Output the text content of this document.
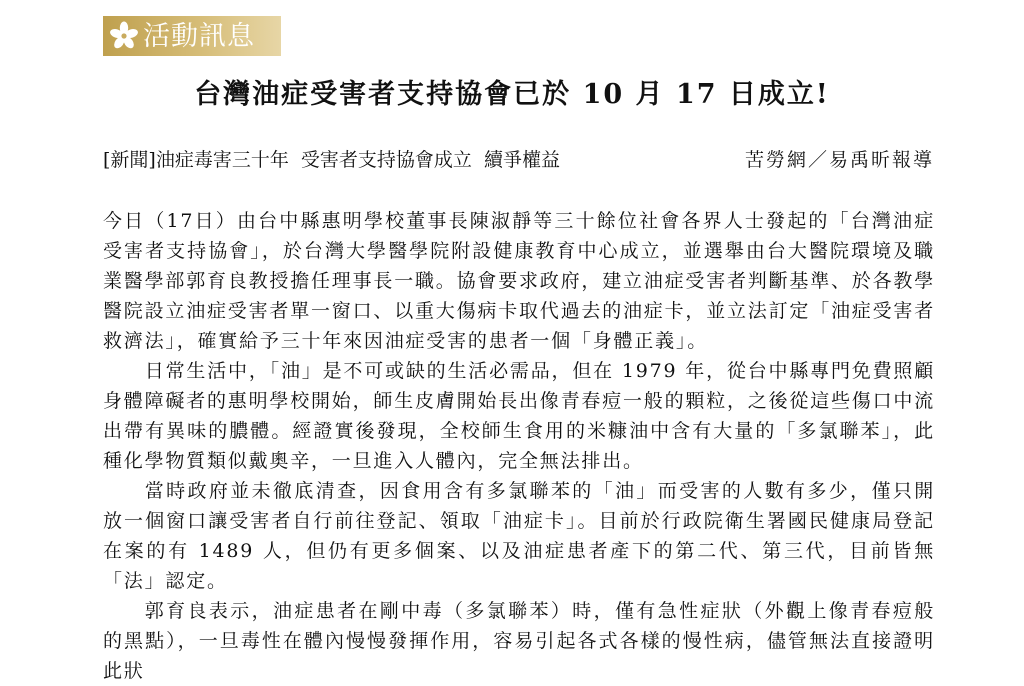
活動訊息
台灣油症受害者支持協會已於 10 月 17 日成立!
[新聞]油症毒害三十年  受害者支持協會成立  續爭權益	苦勞網／易禹昕報導

今日（17日）由台中縣惠明學校董事長陳淑靜等三十餘位社會各界人士發起的「台灣油症受害者支持協會」，於台灣大學醫學院附設健康教育中心成立，並選舉由台大醫院環境及職業醫學部郭育良教授擔任理事長一職。協會要求政府，建立油症受害者判斷基準、於各教學醫院設立油症受害者單一窗口、以重大傷病卡取代過去的油症卡，並立法訂定「油症受害者救濟法」，確實給予三十年來因油症受害的患者一個「身體正義」。

日常生活中，「油」是不可或缺的生活必需品，但在 1979 年，從台中縣專門免費照顧身體障礙者的惠明學校開始，師生皮膚開始長出像青春痘一般的顆粒，之後從這些傷口中流出帶有異味的膿體。經證實後發現，全校師生食用的米糠油中含有大量的「多氯聯苯」，此種化學物質類似戴奧辛，一旦進入人體內，完全無法排出。

當時政府並未徹底清查，因食用含有多氯聯苯的「油」而受害的人數有多少，僅只開放一個窗口讓受害者自行前往登記、領取「油症卡」。目前於行政院衛生署國民健康局登記在案的有 1489 人，但仍有更多個案、以及油症患者產下的第二代、第三代，目前皆無「法」認定。

郭育良表示，油症患者在剛中毒（多氯聯苯）時，僅有急性症狀（外觀上像青春痘般的黑點），一旦毒性在體內慢慢發揮作用，容易引起各式各樣的慢性病，儘管無法直接證明此狀
